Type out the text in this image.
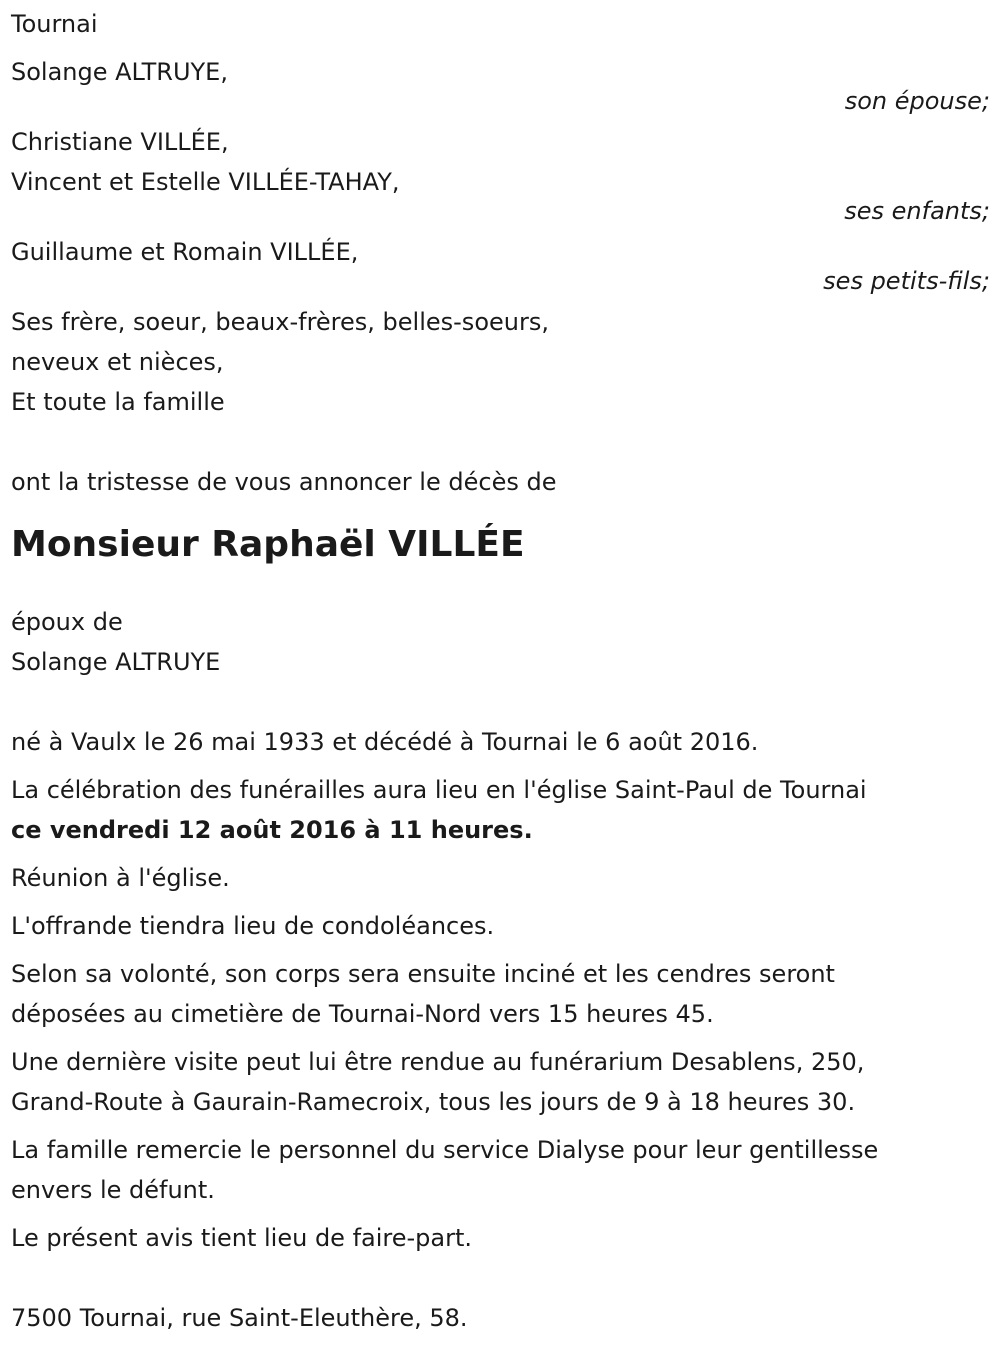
Tournai

Solange ALTRUYE,

son épouse;

Christiane VILLÉE,

Vincent et Estelle VILLÉE-TAHAY,

ses enfants;

Guillaume et Romain VILLÉE,

ses petits-fils;

Ses frère, soeur, beaux-frères, belles-soeurs,

neveux et nièces,

Et toute la famille

ont la tristesse de vous annoncer le décès de

Monsieur Raphaël VILLÉE

époux de

Solange ALTRUYE

né à Vaulx le 26 mai 1933 et décédé à Tournai le 6 août 2016.

La célébration des funérailles aura lieu en l'église Saint-Paul de Tournai

ce vendredi 12 août 2016 à 11 heures.

Réunion à l'église.

L'offrande tiendra lieu de condoléances.

Selon sa volonté, son corps sera ensuite inciné et les cendres seront

déposées au cimetière de Tournai-Nord vers 15 heures 45.

Une dernière visite peut lui être rendue au funérarium Desablens, 250,

Grand-Route à Gaurain-Ramecroix, tous les jours de 9 à 18 heures 30.

La famille remercie le personnel du service Dialyse pour leur gentillesse

envers le défunt.

Le présent avis tient lieu de faire-part.

7500 Tournai, rue Saint-Eleuthère, 58.
